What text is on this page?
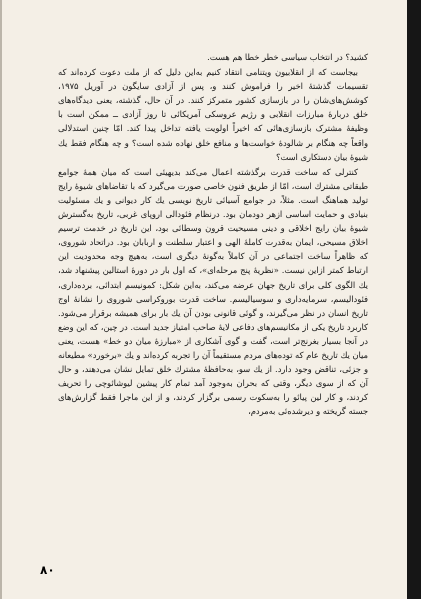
کشید؟ در انتخاب سیاسی خطر خطا هم هست.

بیجاست که از انقلابیون ویتنامی انتقاد کنیم به‌این دلیل که از ملت دعوت کرده‌اند که تقسیمات گذشتهٔ اخیر را فراموش کنند و، پس از آزادی سایگون در آوریل ۱۹۷۵، کوشش‌های‌شان را در بازسازی کشور متمرکز کنند. در آن حال، گذشته، یعنی دیدگاه‌های خلق دربارهٔ مبارزات انقلابی و رژیم عروسکی آمریکائی تا روز آزادی ــ ممکن است با وظیفهٔ مشترک بازسازی‌هائی که اخیراً اولویت یافته تداخل پیدا کند. امّا چنین استدلالی واقعاً چه هنگام بر شالودهٔ خواست‌ها و منافع خلق نهاده شده است؟ و چه هنگام فقط یك شیوهٔ بیان دستکاری است؟

کنترلی که ساخت قدرت برگذشته اعمال می‌کند بدیهیئی است که میان همهٔ جوامع طبقاتی مشترك است، امّا از طریق فنون خاصی صورت می‌گیرد که با تقاضاهای شیوهٔ رایج تولید هماهنگ است. مثلاً، در جوامع آسیائی تاریخ نویسی یك کار دیوانی و یك مسئولیت بنیادی و حمایت اساسی ازهر دودمان بود. درنظام فئودالی اروپای غربی، تاریخ به‌گسترش شیوهٔ بیان رایج اخلاقی و دینی مسیحیت قرون وسطائی بود، این تاریخ در خدمت ترسیم اخلاق مسیحی، ایمان به‌قدرت کاملهٔ الهی و اعتبار سلطنت و اربابان بود. دراتحاد شوروی، که ظاهراً ساخت اجتماعی در آن کاملاً به‌گونهٔ دیگری است، به‌هیچ وجه محدودیت این ارتباط کمتر ازاین نیست. «نظریهٔ پنج مرحله‌ای»، که اول بار در دورهٔ استالین پیشنهاد شد، یك الگوی کلی برای تاریخ جهان عرضه می‌کند، به‌این شکل: کمونیسم ابتدائی، برده‌داری، فئودالیسم، سرمایه‌داری و سوسیالیسم. ساخت قدرت بوروکراسی شوروی را نشانهٔ اوج تاریخ انسان در نظر می‌گیرند، و گوئی قانونی بودن آن یك بار برای همیشه برقرار می‌شود. کاربرد تاریخ یکی از مکانیسم‌های دفاعی لایهٔ صاحب امتیاز جدید است. در چین، که این وضع در آنجا بسیار بغرنج‌تر است، گفت و گوی آشکاری از «مبارزهٔ میان دو خط» هست، یعنی میان یك تاریخ عام که توده‌های مردم مستقیماً آن را تجربه کرده‌اند و یك «برخورد» مطیعانه و جزئی، تناقض وجود دارد. از یك سو، به‌حافظهٔ مشترك خلق تمایل نشان می‌دهند، و حال آن که از سوی دیگر، وقتی که بحران به‌وجود آمد تمام کار پیشین لیوشائوچی را تحریف کردند، و کار لین پیائو را به‌سکوت رسمی برگزار کردند، و از این ماجرا فقط گزارش‌های جسته گریخته و دیرشده‌ئی به‌مردم،

۸۰
